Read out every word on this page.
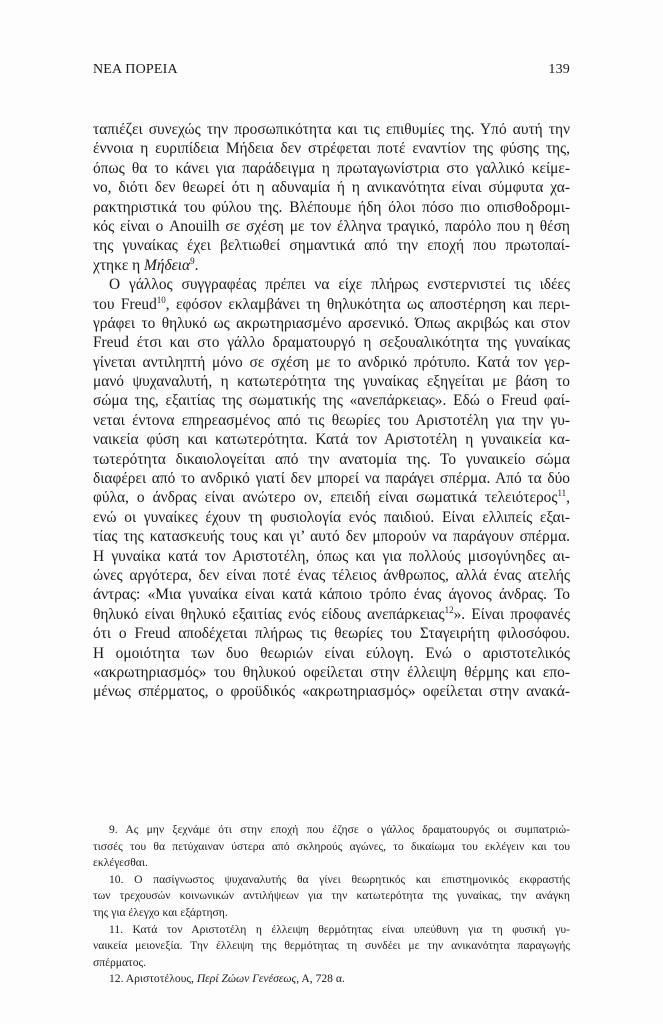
ΝΕΑ ΠΟΡΕΙΑ	139
ταπιέζει συνεχώς την προσωπικότητα και τις επιθυμίες της. Υπό αυτή την
έννοια η ευριπίδεια Μήδεια δεν στρέφεται ποτέ εναντίον της φύσης της,
όπως θα το κάνει για παράδειγμα η πρωταγωνίστρια στο γαλλικό κείμε-
νο, διότι δεν θεωρεί ότι η αδυναμία ή η ανικανότητα είναι σύμφυτα χα-
ρακτηριστικά του φύλου της. Βλέπουμε ήδη όλοι πόσο πιο οπισθοδρομι-
κός είναι ο Anouilh σε σχέση με τον έλληνα τραγικό, παρόλο που η θέση
της γυναίκας έχει βελτιωθεί σημαντικά από την εποχή που πρωτοπαί-
χτηκε η Μήδεια$^9$.
Ο γάλλος συγγραφέας πρέπει να είχε πλήρως ενστερνιστεί τις ιδέες
του Freud$^{10}$, εφόσον εκλαμβάνει τη θηλυκότητα ως αποστέρηση και περι-
γράφει το θηλυκό ως ακρωτηριασμένο αρσενικό. Όπως ακριβώς και στον
Freud έτσι και στο γάλλο δραματουργό η σεξουαλικότητα της γυναίκας
γίνεται αντιληπτή μόνο σε σχέση με το ανδρικό πρότυπο. Κατά τον γερ-
μανό ψυχαναλυτή, η κατωτερότητα της γυναίκας εξηγείται με βάση το
σώμα της, εξαιτίας της σωματικής της «ανεπάρκειας». Εδώ ο Freud φαί-
νεται έντονα επηρεασμένος από τις θεωρίες του Αριστοτέλη για την γυ-
ναικεία φύση και κατωτερότητα. Κατά τον Αριστοτέλη η γυναικεία κα-
τωτερότητα δικαιολογείται από την ανατομία της. Το γυναικείο σώμα
διαφέρει από το ανδρικό γιατί δεν μπορεί να παράγει σπέρμα. Από τα δύο
φύλα, ο άνδρας είναι ανώτερο ον, επειδή είναι σωματικά τελειότερος$^{11}$,
ενώ οι γυναίκες έχουν τη φυσιολογία ενός παιδιού. Είναι ελλιπείς εξαι-
τίας της κατασκευής τους και γι’ αυτό δεν μπορούν να παράγουν σπέρμα.
Η γυναίκα κατά τον Αριστοτέλη, όπως και για πολλούς μισογύνηδες αι-
ώνες αργότερα, δεν είναι ποτέ ένας τέλειος άνθρωπος, αλλά ένας ατελής
άντρας: «Μια γυναίκα είναι κατά κάποιο τρόπο ένας άγονος άνδρας. Το
θηλυκό είναι θηλυκό εξαιτίας ενός είδους ανεπάρκειας$^{12}$». Είναι προφανές
ότι ο Freud αποδέχεται πλήρως τις θεωρίες του Σταγειρήτη φιλοσόφου.
Η ομοιότητα των δυο θεωριών είναι εύλογη. Ενώ ο αριστοτελικός
«ακρωτηριασμός» του θηλυκού οφείλεται στην έλλειψη θέρμης και επο-
μένως σπέρματος, ο φροϋδικός «ακρωτηριασμός» οφείλεται στην ανακά-
9. Ας μην ξεχνάμε ότι στην εποχή που έζησε ο γάλλος δραματουργός οι συμπατριώ-
τισσές του θα πετύχαιναν ύστερα από σκληρούς αγώνες, το δικαίωμα του εκλέγειν και του
εκλέγεσθαι.
10. Ο πασίγνωστος ψυχαναλυτής θα γίνει θεωρητικός και επιστημονικός εκφραστής
των τρεχουσών κοινωνικών αντιλήψεων για την κατωτερότητα της γυναίκας, την ανάγκη
της για έλεγχο και εξάρτηση.
11. Κατά τον Αριστοτέλη η έλλειψη θερμότητας είναι υπεύθυνη για τη φυσική γυ-
ναικεία μειονεξία. Την έλλειψη της θερμότητας τη συνδέει με την ανικανότητα παραγωγής
σπέρματος.
12. Αριστοτέλους, Περί Ζώων Γενέσεως, Α, 728 α.
